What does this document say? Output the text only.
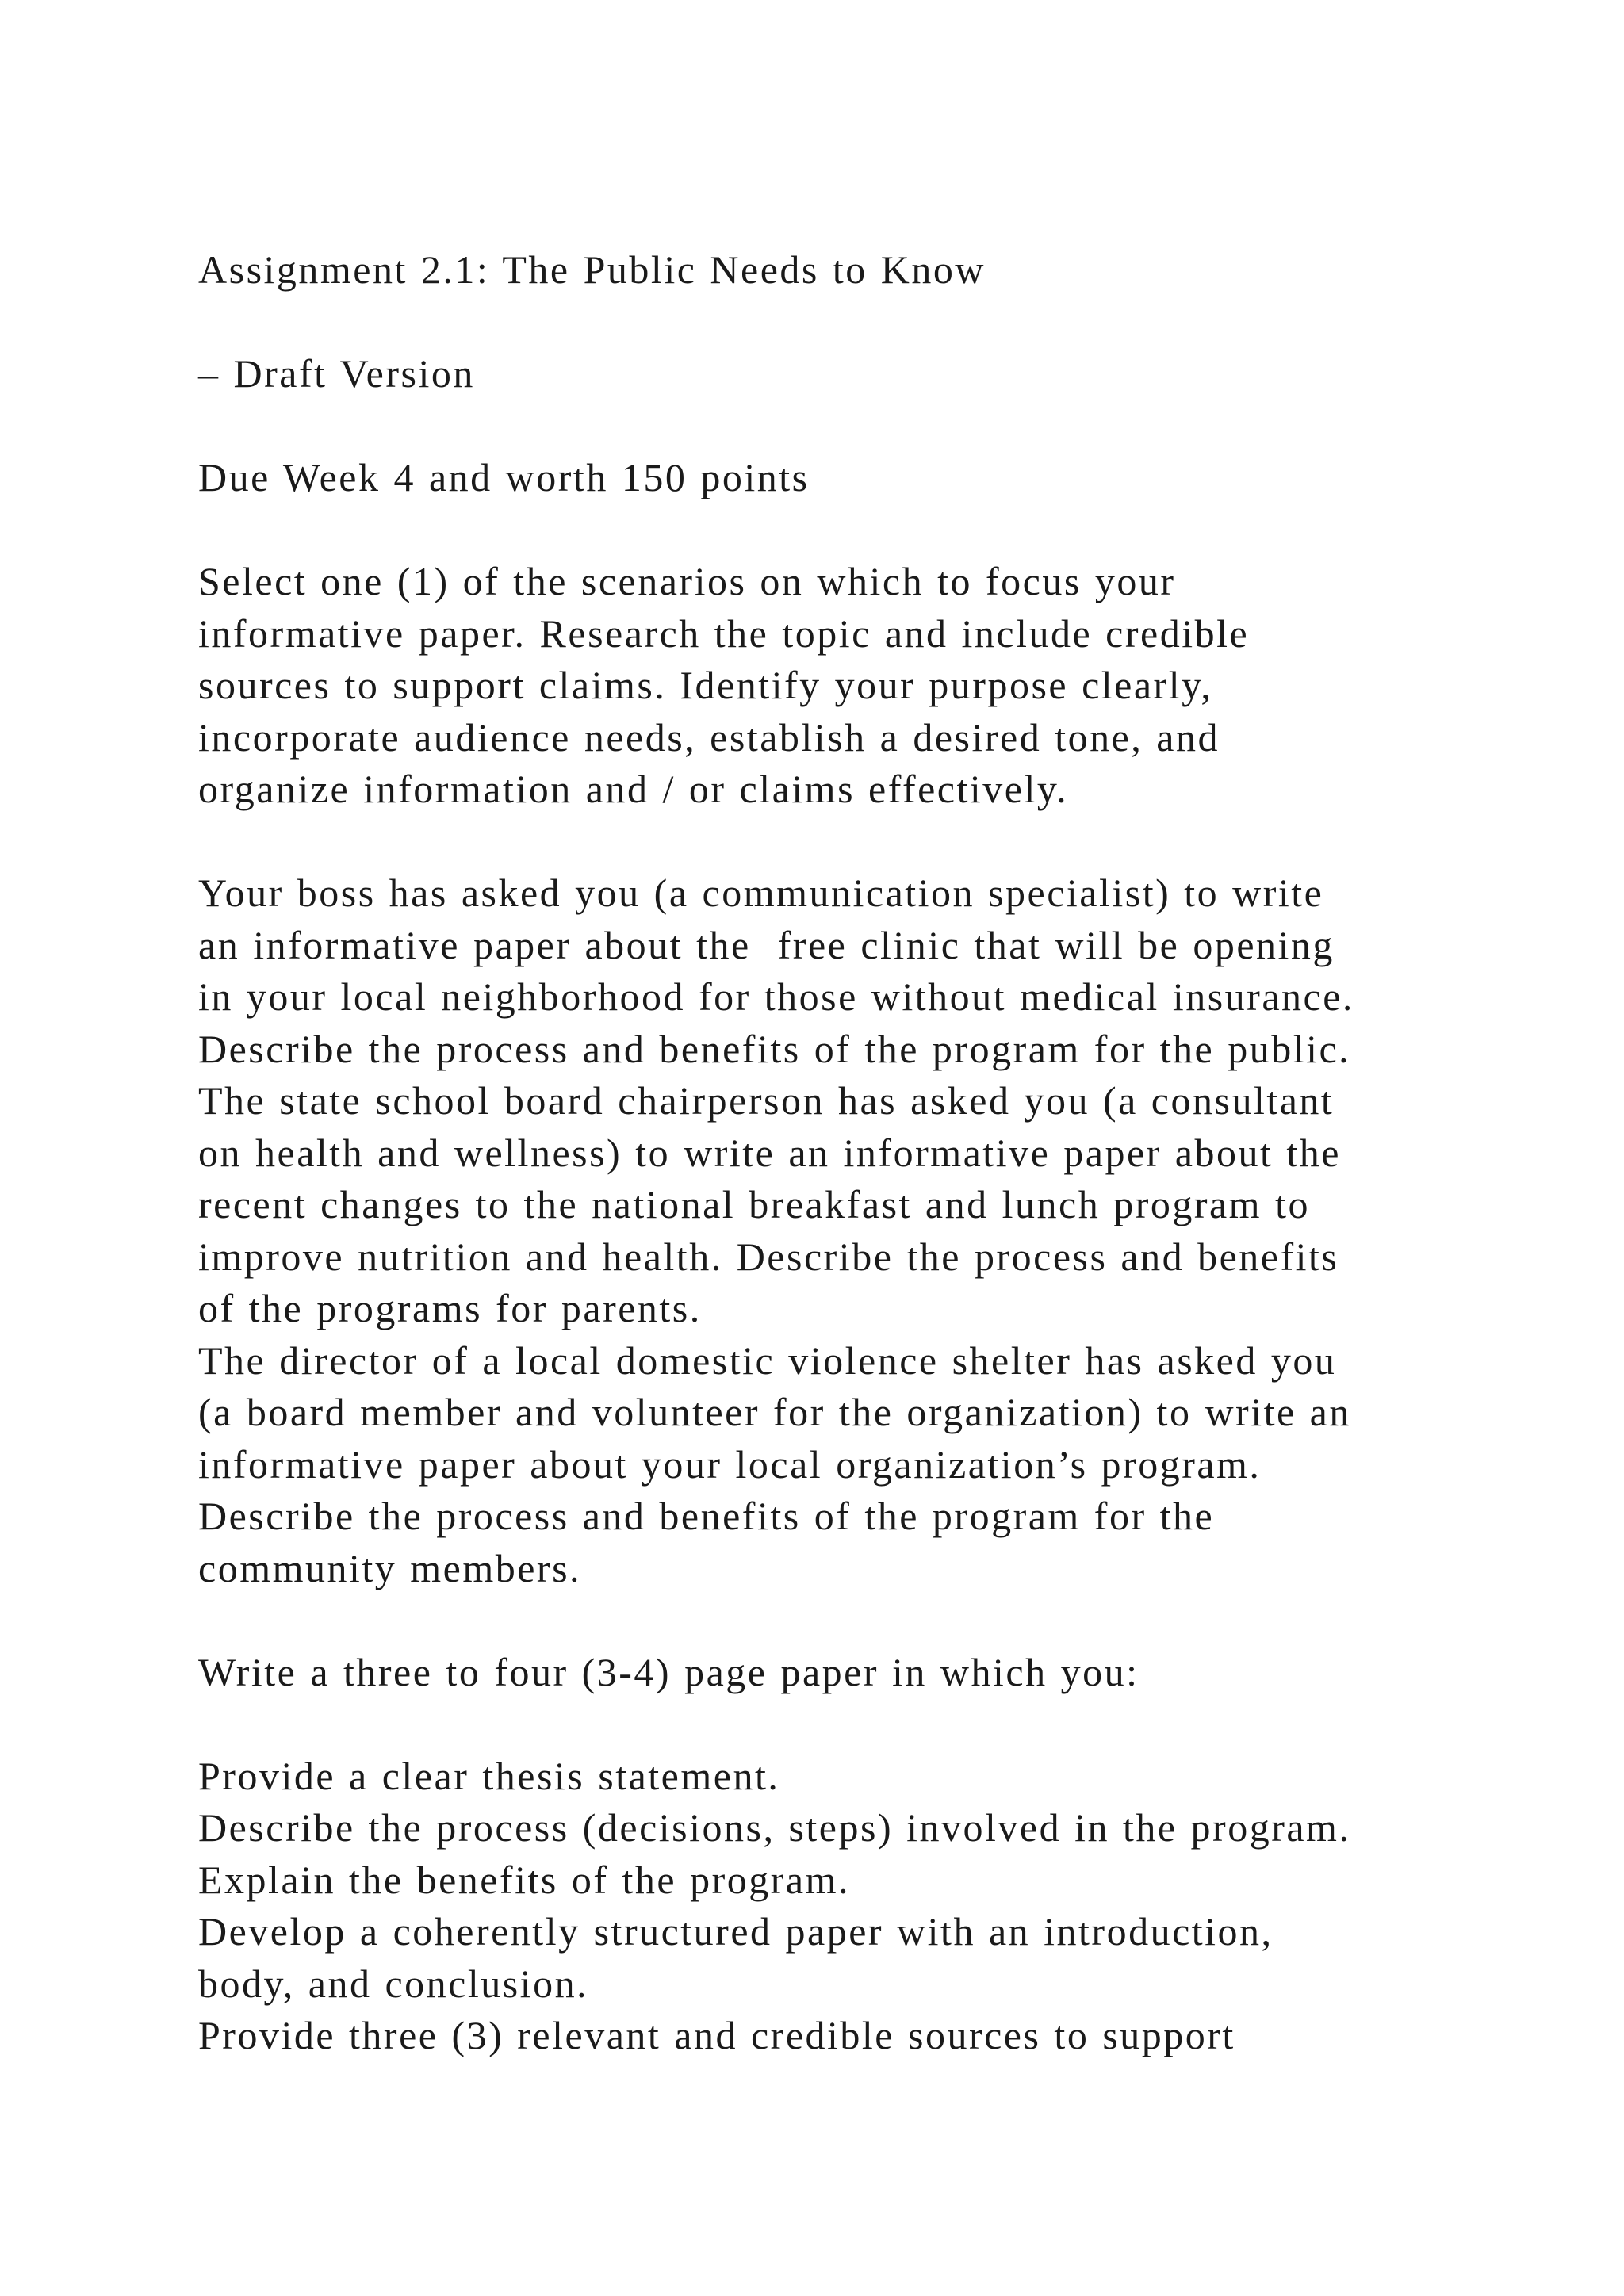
Assignment 2.1: The Public Needs to Know
– Draft Version
Due Week 4 and worth 150 points
Select one (1) of the scenarios on which to focus your
informative paper. Research the topic and include credible
sources to support claims. Identify your purpose clearly,
incorporate audience needs, establish a desired tone, and
organize information and / or claims effectively.
Your boss has asked you (a communication specialist) to write
an informative paper about the  free clinic that will be opening
in your local neighborhood for those without medical insurance.
Describe the process and benefits of the program for the public.
The state school board chairperson has asked you (a consultant
on health and wellness) to write an informative paper about the
recent changes to the national breakfast and lunch program to
improve nutrition and health. Describe the process and benefits
of the programs for parents.
The director of a local domestic violence shelter has asked you
(a board member and volunteer for the organization) to write an
informative paper about your local organization’s program.
Describe the process and benefits of the program for the
community members.
Write a three to four (3-4) page paper in which you:
Provide a clear thesis statement.
Describe the process (decisions, steps) involved in the program.
Explain the benefits of the program.
Develop a coherently structured paper with an introduction,
body, and conclusion.
Provide three (3) relevant and credible sources to support
